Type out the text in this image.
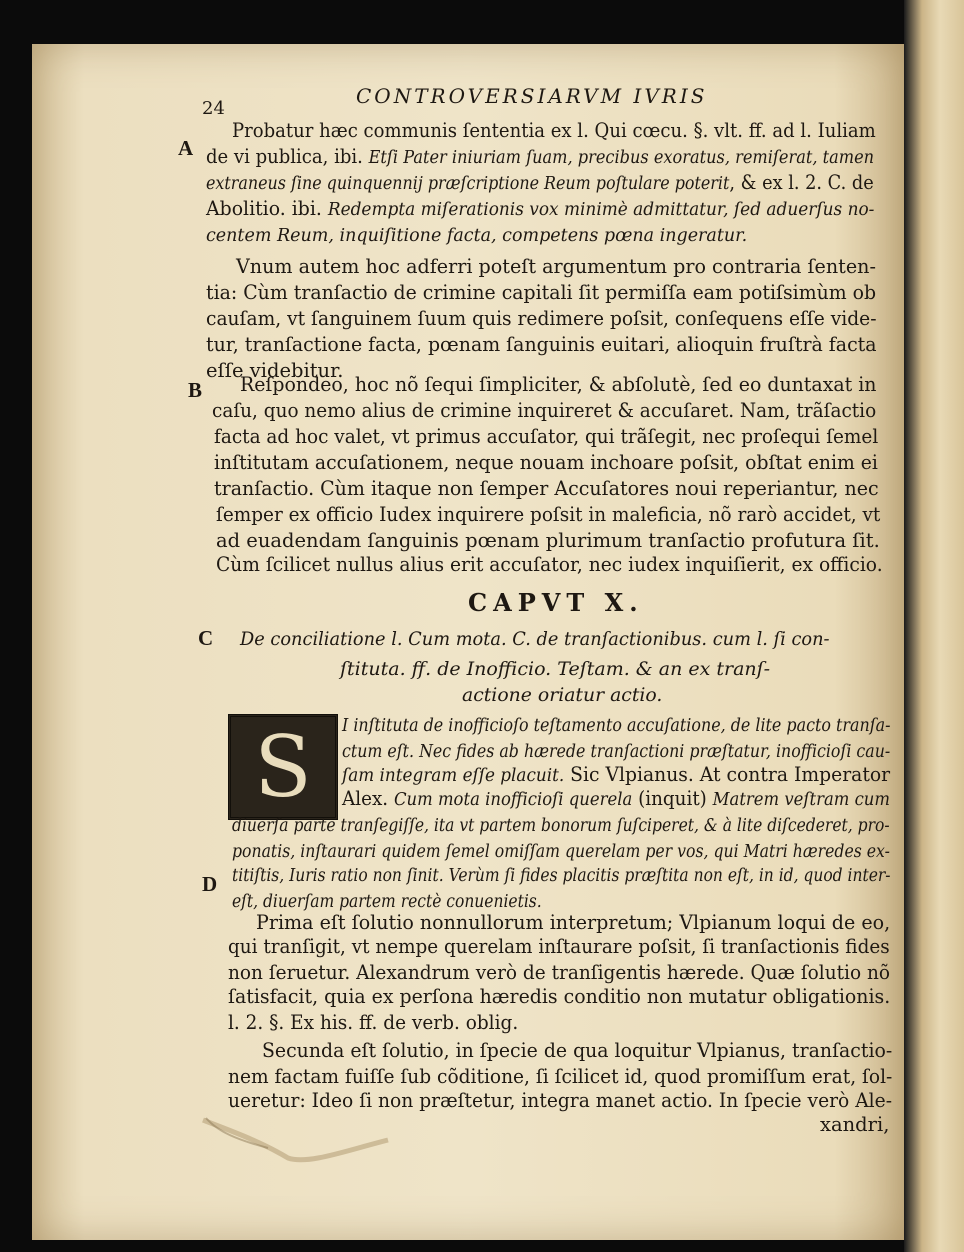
24
CONTROVERSIARVM IVRIS
A
B
C
D
Probatur hæc communis ſententia ex l. Qui cœcu. §. vlt. ff. ad l. Iuliam
de vi publica, ibi. Etſi Pater iniuriam ſuam, precibus exoratus, remiſerat, tamen
extraneus ſine quinquennij præſcriptione Reum poſtulare poterit, & ex l. 2. C. de
Abolitio. ibi. Redempta miſerationis vox minimè admittatur, ſed aduerſus no-
centem Reum, inquiſitione facta, competens pœna ingeratur.
Vnum autem hoc adferri poteſt argumentum pro contraria ſenten-
tia: Cùm tranſactio de crimine capitali ſit permiſſa eam potiſsimùm ob
cauſam, vt ſanguinem ſuum quis redimere poſsit, conſequens eſſe vide-
tur, tranſactione facta, pœnam ſanguinis euitari, alioquin fruſtrà facta
eſſe videbitur.
Reſpondeo, hoc nõ ſequi ſimpliciter, & abſolutè, ſed eo duntaxat in
caſu, quo nemo alius de crimine inquireret & accuſaret. Nam, trãſactio
facta ad hoc valet, vt primus accuſator, qui trãſegit, nec proſequi ſemel
inſtitutam accuſationem, neque nouam inchoare poſsit, obſtat enim ei
tranſactio. Cùm itaque non ſemper Accuſatores noui reperiantur, nec
ſemper ex officio Iudex inquirere poſsit in maleficia, nõ rarò accidet, vt
ad euadendam ſanguinis pœnam plurimum tranſactio profutura ſit.
Cùm ſcilicet nullus alius erit accuſator, nec iudex inquiſierit, ex officio.
CAPVT X.
De conciliatione l. Cum mota. C. de tranſactionibus. cum l. ſi con-
ſtituta. ff. de Inofficio. Teſtam. & an ex tranſ-
actione oriatur actio.
S	I inſtituta de inofficioſo teſtamento accuſatione, de lite pacto tranſa-
ctum eſt. Nec fides ab hærede tranſactioni præſtatur, inofficioſi cau-
ſam integram eſſe placuit. Sic Vlpianus. At contra Imperator
Alex. Cum mota inofficioſi querela (inquit) Matrem veſtram cum
diuerſa parte tranſegiſſe, ita vt partem bonorum ſuſciperet, & à lite diſcederet, pro-
ponatis, inſtaurari quidem ſemel omiſſam querelam per vos, qui Matri hæredes ex-
titiſtis, Iuris ratio non ſinit. Verùm ſi fides placitis præſtita non eſt, in id, quod inter-
eſt, diuerſam partem rectè conuenietis.
Prima eſt ſolutio nonnullorum interpretum; Vlpianum loqui de eo,
qui tranſigit, vt nempe querelam inſtaurare poſsit, ſi tranſactionis fides
non ſeruetur. Alexandrum verò de tranſigentis hærede. Quæ ſolutio nõ
ſatisfacit, quia ex perſona hæredis conditio non mutatur obligationis.
l. 2. §. Ex his. ff. de verb. oblig.
Secunda eſt ſolutio, in ſpecie de qua loquitur Vlpianus, tranſactio-
nem factam fuiſſe ſub cõditione, ſi ſcilicet id, quod promiſſum erat, ſol-
ueretur: Ideo ſi non præſtetur, integra manet actio. In ſpecie verò Ale-
xandri,
